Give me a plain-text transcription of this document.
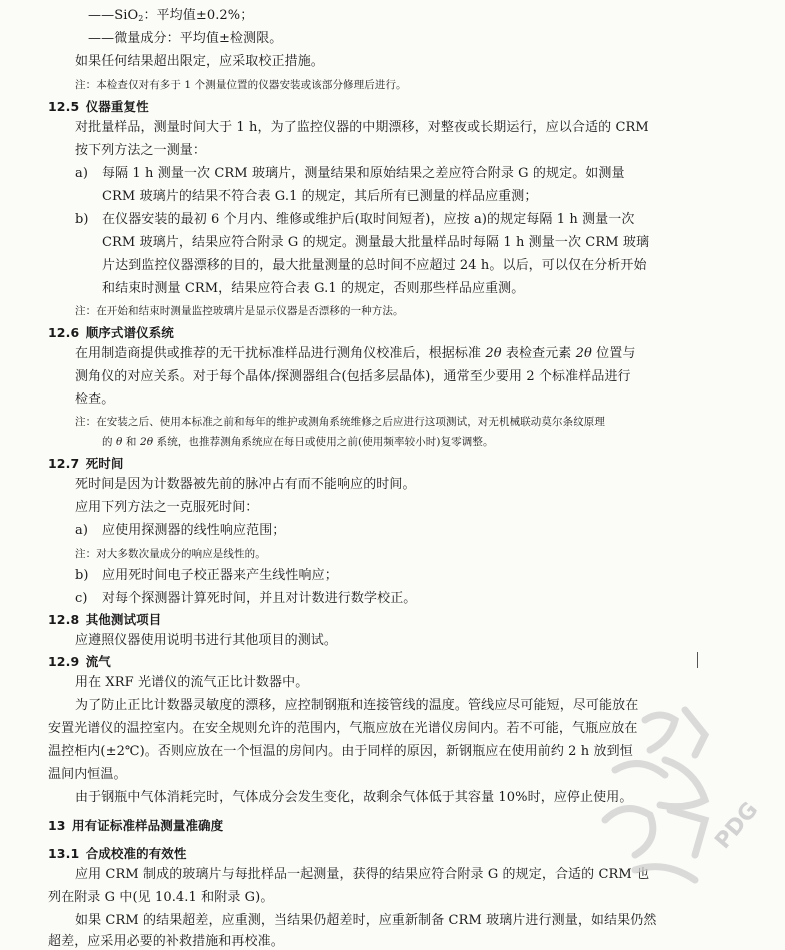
——SiO$_2$：平均值±0.2%；
——微量成分：平均值±检测限。
如果任何结果超出限定，应采取校正措施。
注：本检查仅对有多于 1 个测量位置的仪器安装或该部分修理后进行。
12.5 仪器重复性
对批量样品，测量时间大于 1 h，为了监控仪器的中期漂移，对整夜或长期运行，应以合适的 CRM
按下列方法之一测量：
a) 每隔 1 h 测量一次 CRM 玻璃片，测量结果和原始结果之差应符合附录 G 的规定。如测量
CRM 玻璃片的结果不符合表 G.1 的规定，其后所有已测量的样品应重测；
b) 在仪器安装的最初 6 个月内、维修或维护后(取时间短者)，应按 a)的规定每隔 1 h 测量一次
CRM 玻璃片，结果应符合附录 G 的规定。测量最大批量样品时每隔 1 h 测量一次 CRM 玻璃
片达到监控仪器漂移的目的，最大批量测量的总时间不应超过 24 h。以后，可以仅在分析开始
和结束时测量 CRM，结果应符合表 G.1 的规定，否则那些样品应重测。
注：在开始和结束时测量监控玻璃片是显示仪器是否漂移的一种方法。
12.6 顺序式谱仪系统
在用制造商提供或推荐的无干扰标准样品进行测角仪校准后，根据标准 2θ 表检查元素 2θ 位置与
测角仪的对应关系。对于每个晶体/探测器组合(包括多层晶体)，通常至少要用 2 个标准样品进行
检查。
注：在安装之后、使用本标准之前和每年的维护或测角系统维修之后应进行这项测试，对无机械联动莫尔条纹原理
的 θ 和 2θ 系统，也推荐测角系统应在每日或使用之前(使用频率较小时)复零调整。
12.7 死时间
死时间是因为计数器被先前的脉冲占有而不能响应的时间。
应用下列方法之一克服死时间：
a) 应使用探测器的线性响应范围；
注：对大多数次量成分的响应是线性的。
b) 应用死时间电子校正器来产生线性响应；
c) 对每个探测器计算死时间，并且对计数进行数学校正。
12.8 其他测试项目
应遵照仪器使用说明书进行其他项目的测试。
12.9 流气
用在 XRF 光谱仪的流气正比计数器中。
为了防止正比计数器灵敏度的漂移，应控制钢瓶和连接管线的温度。管线应尽可能短，尽可能放在
安置光谱仪的温控室内。在安全规则允许的范围内，气瓶应放在光谱仪房间内。若不可能，气瓶应放在
温控柜内(±2℃)。否则应放在一个恒温的房间内。由于同样的原因，新钢瓶应在使用前约 2 h 放到恒
温间内恒温。
由于钢瓶中气体消耗完时，气体成分会发生变化，故剩余气体低于其容量 10%时，应停止使用。
13 用有证标准样品测量准确度
13.1 合成校准的有效性
应用 CRM 制成的玻璃片与每批样品一起测量，获得的结果应符合附录 G 的规定，合适的 CRM 也
列在附录 G 中(见 10.4.1 和附录 G)。
如果 CRM 的结果超差，应重测，当结果仍超差时，应重新制备 CRM 玻璃片进行测量，如结果仍然
超差，应采用必要的补救措施和再校准。
PDG
